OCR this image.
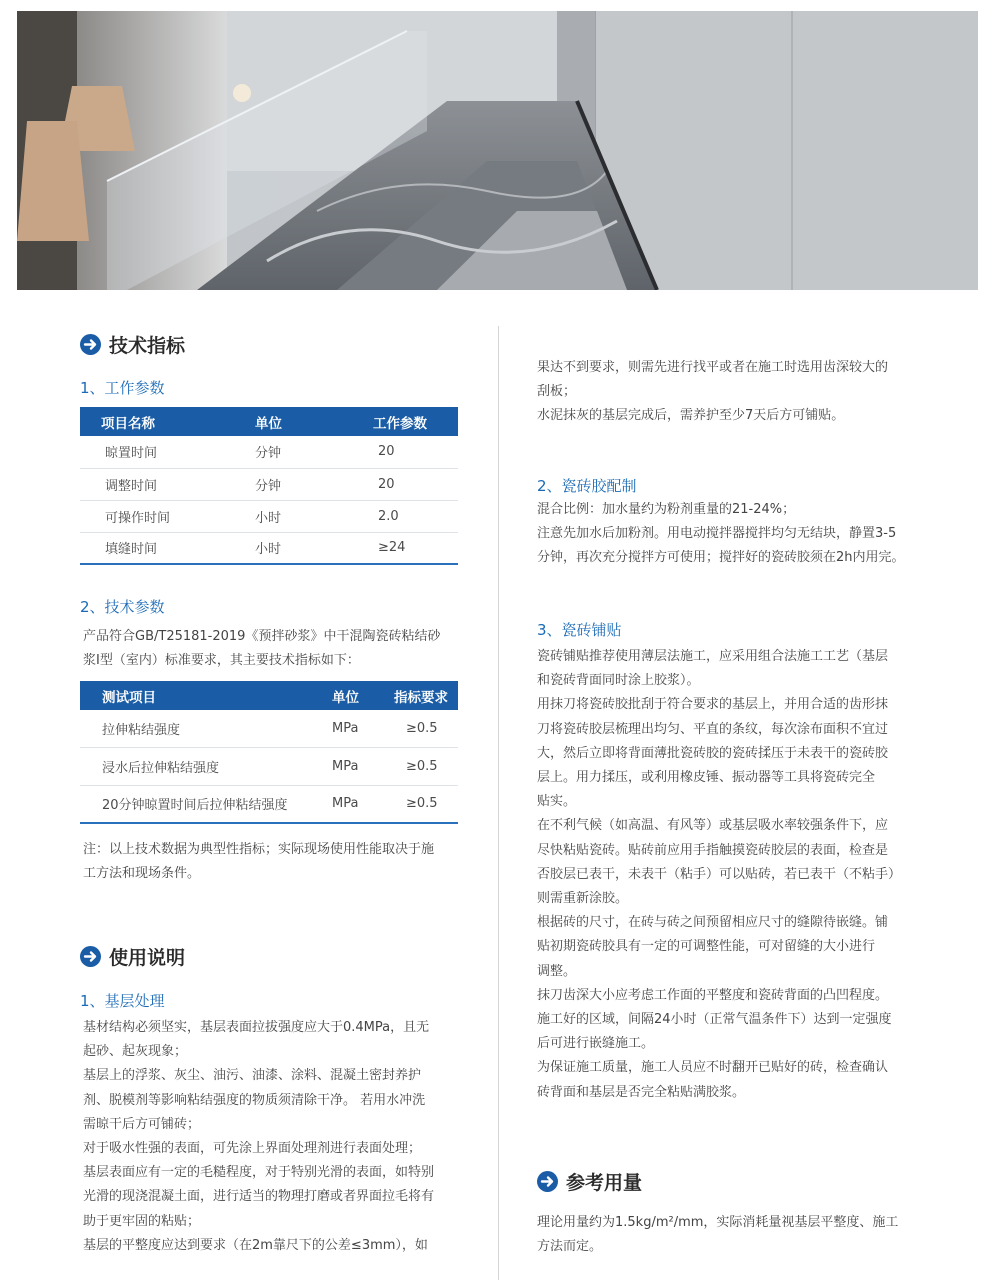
技术指标
1、工作参数
项目名称	单位	工作参数
晾置时间	分钟	20
调整时间	分钟	20
可操作时间	小时	2.0
填缝时间	小时	≥24
2、技术参数

产品符合GB/T25181-2019《预拌砂浆》中干混陶瓷砖粘结砂

浆Ⅰ型（室内）标准要求，其主要技术指标如下：

测试项目	单位	指标要求
拉伸粘结强度	MPa	≥0.5
浸水后拉伸粘结强度	MPa	≥0.5
20分钟晾置时间后拉伸粘结强度	MPa	≥0.5

注：以上技术数据为典型性指标；实际现场使用性能取决于施

工方法和现场条件。

使用说明
1、基层处理

基材结构必须坚实，基层表面拉拔强度应大于0.4MPa，且无

起砂、起灰现象；

基层上的浮浆、灰尘、油污、油漆、涂料、混凝土密封养护

剂、脱模剂等影响粘结强度的物质须清除干净。 若用水冲洗

需晾干后方可铺砖；

对于吸水性强的表面，可先涂上界面处理剂进行表面处理；

基层表面应有一定的毛糙程度，对于特别光滑的表面，如特别

光滑的现浇混凝土面，进行适当的物理打磨或者界面拉毛将有

助于更牢固的粘贴；

基层的平整度应达到要求（在2m靠尺下的公差≤3mm），如

果达不到要求，则需先进行找平或者在施工时选用齿深较大的

刮板；

水泥抹灰的基层完成后，需养护至少7天后方可铺贴。

2、瓷砖胶配制

混合比例：加水量约为粉剂重量的21-24%；

注意先加水后加粉剂。用电动搅拌器搅拌均匀无结块，静置3-5

分钟，再次充分搅拌方可使用；搅拌好的瓷砖胶须在2h内用完。

3、瓷砖铺贴

瓷砖铺贴推荐使用薄层法施工，应采用组合法施工工艺（基层

和瓷砖背面同时涂上胶浆）。

用抹刀将瓷砖胶批刮于符合要求的基层上，并用合适的齿形抹

刀将瓷砖胶层梳理出均匀、平直的条纹，每次涂布面积不宜过

大，然后立即将背面薄批瓷砖胶的瓷砖揉压于未表干的瓷砖胶

层上。用力揉压，或利用橡皮锤、振动器等工具将瓷砖完全

贴实。

在不利气候（如高温、有风等）或基层吸水率较强条件下，应

尽快粘贴瓷砖。贴砖前应用手指触摸瓷砖胶层的表面，检查是

否胶层已表干，未表干（粘手）可以贴砖，若已表干（不粘手）

则需重新涂胶。

根据砖的尺寸，在砖与砖之间预留相应尺寸的缝隙待嵌缝。铺

贴初期瓷砖胶具有一定的可调整性能，可对留缝的大小进行

调整。

抹刀齿深大小应考虑工作面的平整度和瓷砖背面的凸凹程度。

施工好的区域，间隔24小时（正常气温条件下）达到一定强度

后可进行嵌缝施工。

为保证施工质量，施工人员应不时翻开已贴好的砖，检查确认

砖背面和基层是否完全粘贴满胶浆。

参考用量

理论用量约为1.5kg/m²/mm，实际消耗量视基层平整度、施工

方法而定。
